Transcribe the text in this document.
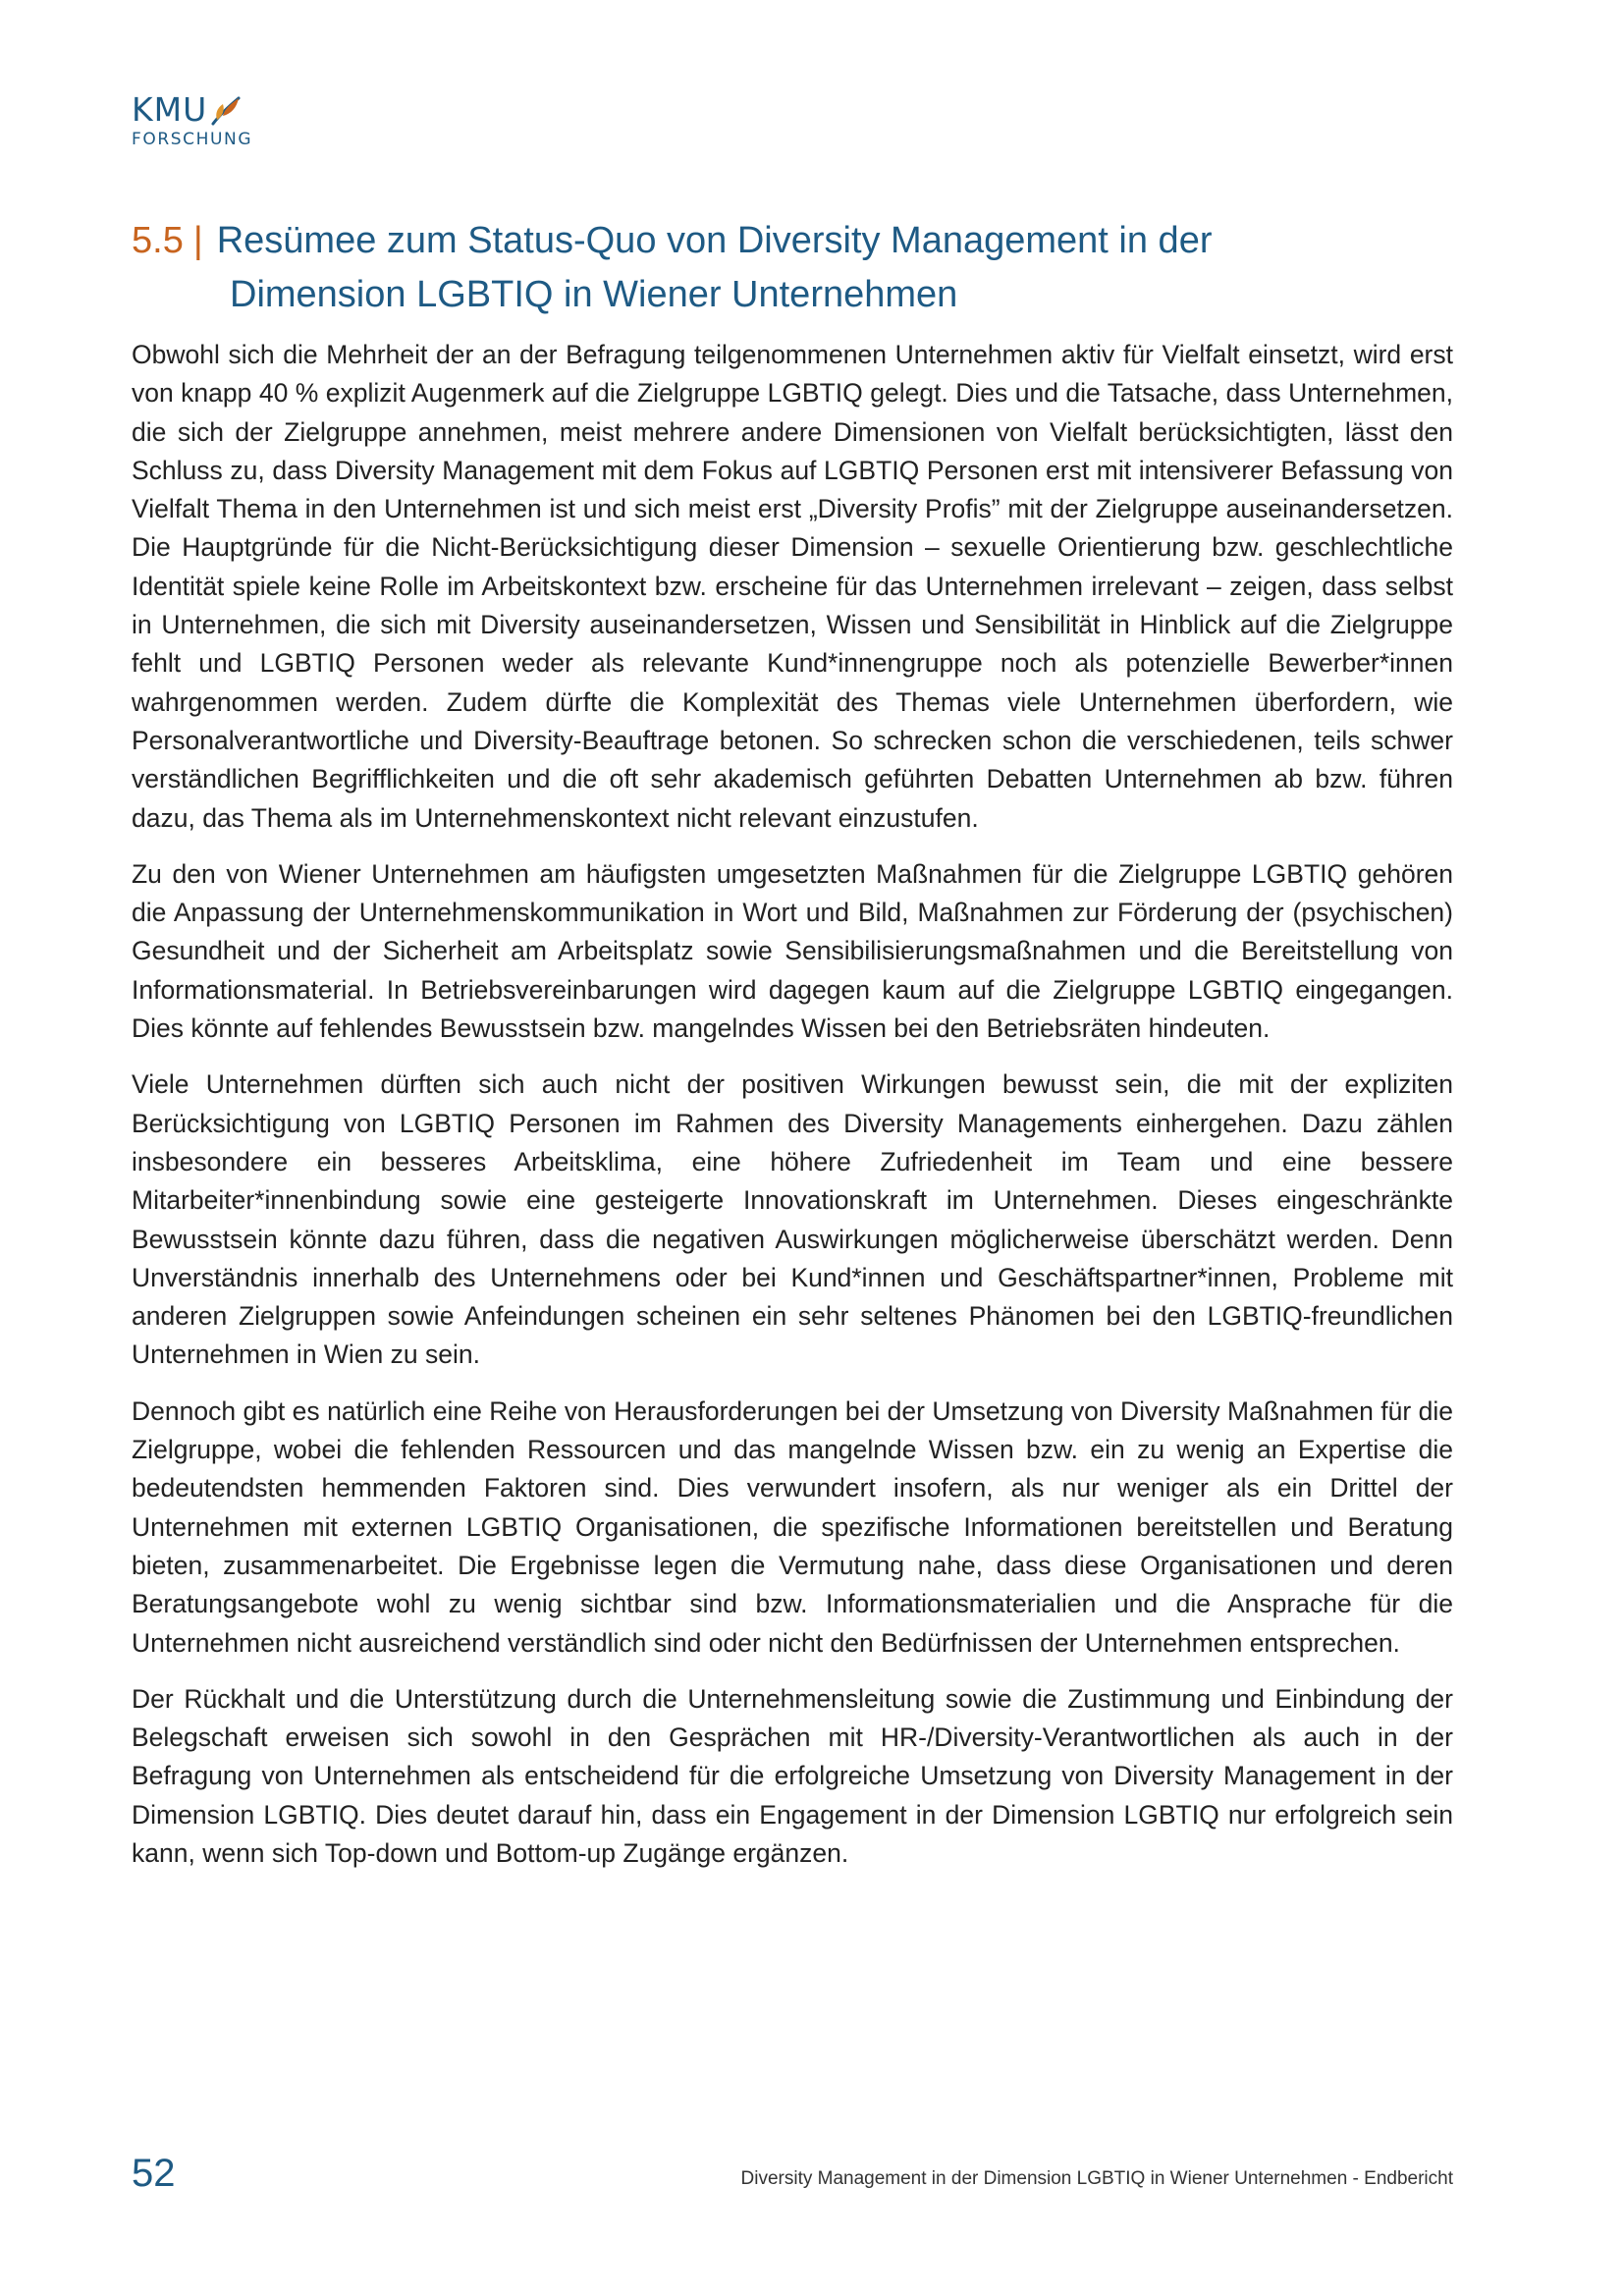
KMU
FORSCHUNG
5.5 | Resümee zum Status-Quo von Diversity Management in der
Dimension LGBTIQ in Wiener Unternehmen

Obwohl sich die Mehrheit der an der Befragung teilgenommenen Unternehmen aktiv für Vielfalt einsetzt, wird erst von knapp 40 % explizit Augenmerk auf die Zielgruppe LGBTIQ gelegt. Dies und die Tatsache, dass Unternehmen, die sich der Zielgruppe annehmen, meist mehrere andere Dimensionen von Vielfalt berücksichtigten, lässt den Schluss zu, dass Diversity Management mit dem Fokus auf LGBTIQ Personen erst mit intensiverer Befassung von Vielfalt Thema in den Unternehmen ist und sich meist erst „Diversity Profis” mit der Zielgruppe auseinandersetzen. Die Hauptgründe für die Nicht-Berücksichtigung dieser Dimension – sexuelle Orientierung bzw. geschlechtliche Identität spiele keine Rolle im Arbeitskontext bzw. erscheine für das Unternehmen irrelevant – zeigen, dass selbst in Unternehmen, die sich mit Diversity auseinandersetzen, Wissen und Sensibilität in Hinblick auf die Zielgruppe fehlt und LGBTIQ Personen weder als relevante Kund*innengruppe noch als potenzielle Bewerber*innen wahrgenommen werden. Zudem dürfte die Komplexität des Themas viele Unternehmen überfordern, wie Personalverantwortliche und Diversity-Beauftrage betonen. So schrecken schon die verschiedenen, teils schwer verständlichen Begrifflichkeiten und die oft sehr akademisch geführten Debatten Unternehmen ab bzw. führen dazu, das Thema als im Unternehmenskontext nicht relevant einzustufen.

Zu den von Wiener Unternehmen am häufigsten umgesetzten Maßnahmen für die Zielgruppe LGBTIQ gehören die Anpassung der Unternehmenskommunikation in Wort und Bild, Maßnahmen zur Förderung der (psychischen) Gesundheit und der Sicherheit am Arbeitsplatz sowie Sensibilisierungsmaßnahmen und die Bereitstellung von Informationsmaterial. In Betriebsvereinbarungen wird dagegen kaum auf die Zielgruppe LGBTIQ eingegangen. Dies könnte auf fehlendes Bewusstsein bzw. mangelndes Wissen bei den Betriebsräten hindeuten.

Viele Unternehmen dürften sich auch nicht der positiven Wirkungen bewusst sein, die mit der expliziten Berücksichtigung von LGBTIQ Personen im Rahmen des Diversity Managements einhergehen. Dazu zählen insbesondere ein besseres Arbeitsklima, eine höhere Zufriedenheit im Team und eine bessere Mitarbeiter*innenbindung sowie eine gesteigerte Innovationskraft im Unternehmen. Dieses eingeschränkte Bewusstsein könnte dazu führen, dass die negativen Auswirkungen möglicherweise überschätzt werden. Denn Unverständnis innerhalb des Unternehmens oder bei Kund*innen und Geschäftspartner*innen, Probleme mit anderen Zielgruppen sowie Anfeindungen scheinen ein sehr seltenes Phänomen bei den LGBTIQ-freundlichen Unternehmen in Wien zu sein.

Dennoch gibt es natürlich eine Reihe von Herausforderungen bei der Umsetzung von Diversity Maßnahmen für die Zielgruppe, wobei die fehlenden Ressourcen und das mangelnde Wissen bzw. ein zu wenig an Expertise die bedeutendsten hemmenden Faktoren sind. Dies verwundert insofern, als nur weniger als ein Drittel der Unternehmen mit externen LGBTIQ Organisationen, die spezifische Informationen bereitstellen und Beratung bieten, zusammenarbeitet. Die Ergebnisse legen die Vermutung nahe, dass diese Organisationen und deren Beratungsangebote wohl zu wenig sichtbar sind bzw. Informationsmaterialien und die Ansprache für die Unternehmen nicht ausreichend verständlich sind oder nicht den Bedürfnissen der Unternehmen entsprechen.

Der Rückhalt und die Unterstützung durch die Unternehmensleitung sowie die Zustimmung und Einbindung der Belegschaft erweisen sich sowohl in den Gesprächen mit HR-/Diversity-Verantwortlichen als auch in der Befragung von Unternehmen als entscheidend für die erfolgreiche Umsetzung von Diversity Management in der Dimension LGBTIQ. Dies deutet darauf hin, dass ein Engagement in der Dimension LGBTIQ nur erfolgreich sein kann, wenn sich Top-down und Bottom-up Zugänge ergänzen.

52	Diversity Management in der Dimension LGBTIQ in Wiener Unternehmen - Endbericht
